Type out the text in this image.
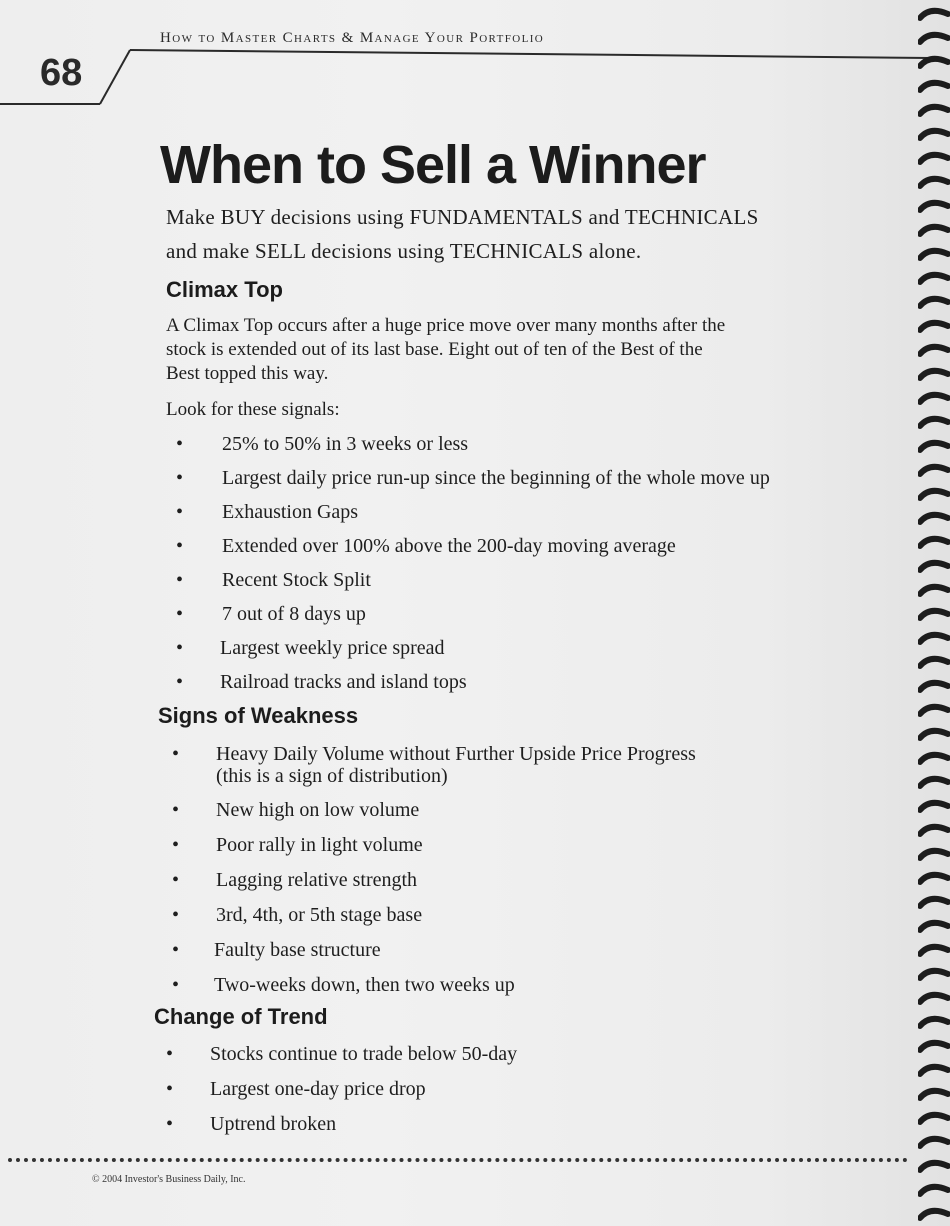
How to Master Charts & Manage Your Portfolio
68
When to Sell a Winner

Make BUY decisions using FUNDAMENTALS and TECHNICALS
and make SELL decisions using TECHNICALS alone.

Climax Top

A Climax Top occurs after a huge price move over many months after the
stock is extended out of its last base. Eight out of ten of the Best of the
Best topped this way.

Look for these signals:

• 25% to 50% in 3 weeks or less
• Largest daily price run-up since the beginning of the whole move up
• Exhaustion Gaps
• Extended over 100% above the 200-day moving average
• Recent Stock Split
• 7 out of 8 days up
• Largest weekly price spread
• Railroad tracks and island tops
Signs of Weakness
• Heavy Daily Volume without Further Upside Price Progress
(this is a sign of distribution)
• New high on low volume
• Poor rally in light volume
• Lagging relative strength
• 3rd, 4th, or 5th stage base
• Faulty base structure
• Two-weeks down, then two weeks up
Change of Trend
• Stocks continue to trade below 50-day
• Largest one-day price drop
• Uptrend broken
© 2004 Investor's Business Daily, Inc.
